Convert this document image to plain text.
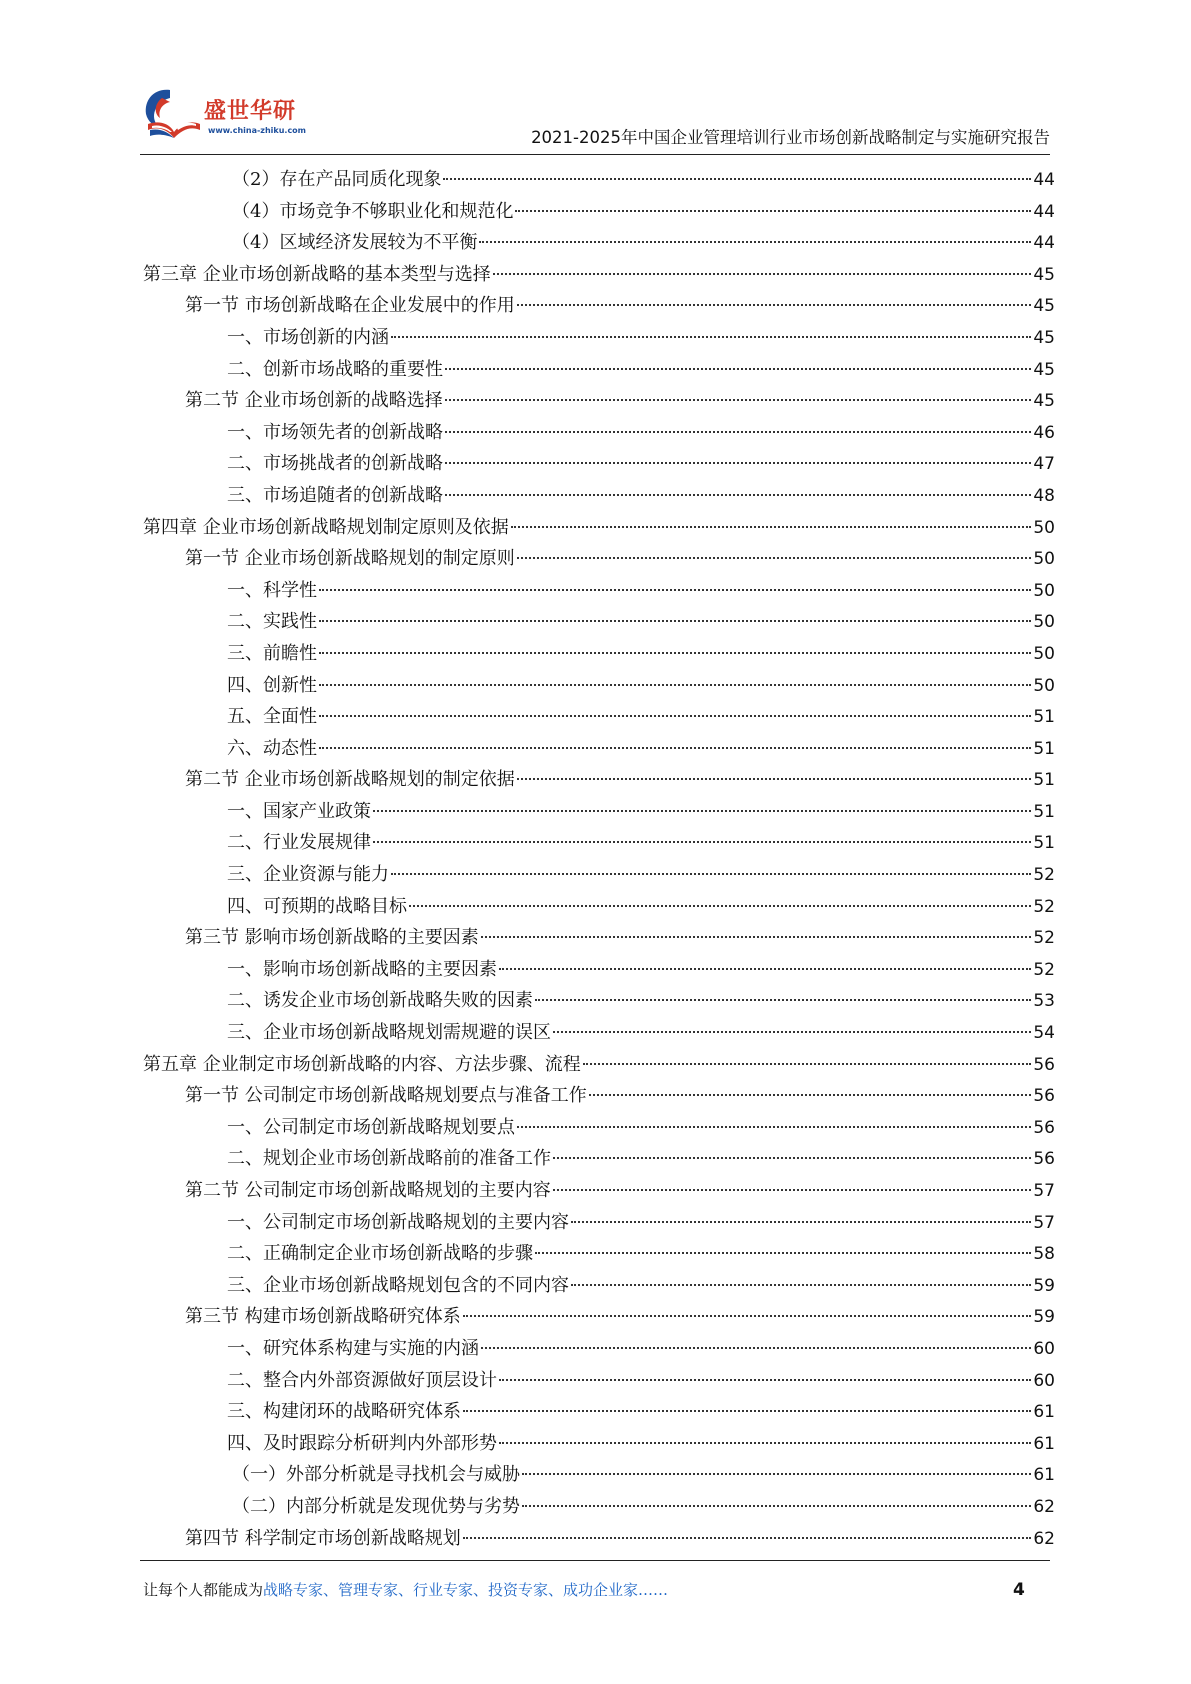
盛世华研
www.china-zhiku.com	2021-2025年中国企业管理培训行业市场创新战略制定与实施研究报告
（2）存在产品同质化现象	44
（4）市场竞争不够职业化和规范化	44
（4）区域经济发展较为不平衡	44
第三章 企业市场创新战略的基本类型与选择	45
第一节 市场创新战略在企业发展中的作用	45
一、市场创新的内涵	45
二、创新市场战略的重要性	45
第二节 企业市场创新的战略选择	45
一、市场领先者的创新战略	46
二、市场挑战者的创新战略	47
三、市场追随者的创新战略	48
第四章 企业市场创新战略规划制定原则及依据	50
第一节 企业市场创新战略规划的制定原则	50
一、科学性	50
二、实践性	50
三、前瞻性	50
四、创新性	50
五、全面性	51
六、动态性	51
第二节 企业市场创新战略规划的制定依据	51
一、国家产业政策	51
二、行业发展规律	51
三、企业资源与能力	52
四、可预期的战略目标	52
第三节 影响市场创新战略的主要因素	52
一、影响市场创新战略的主要因素	52
二、诱发企业市场创新战略失败的因素	53
三、企业市场创新战略规划需规避的误区	54
第五章 企业制定市场创新战略的内容、方法步骤、流程	56
第一节 公司制定市场创新战略规划要点与准备工作	56
一、公司制定市场创新战略规划要点	56
二、规划企业市场创新战略前的准备工作	56
第二节 公司制定市场创新战略规划的主要内容	57
一、公司制定市场创新战略规划的主要内容	57
二、正确制定企业市场创新战略的步骤	58
三、企业市场创新战略规划包含的不同内容	59
第三节 构建市场创新战略研究体系	59
一、研究体系构建与实施的内涵	60
二、整合内外部资源做好顶层设计	60
三、构建闭环的战略研究体系	61
四、及时跟踪分析研判内外部形势	61
（一）外部分析就是寻找机会与威胁	61
（二）内部分析就是发现优势与劣势	62
第四节 科学制定市场创新战略规划	62
让每个人都能成为战略专家、管理专家、行业专家、投资专家、成功企业家……	4
